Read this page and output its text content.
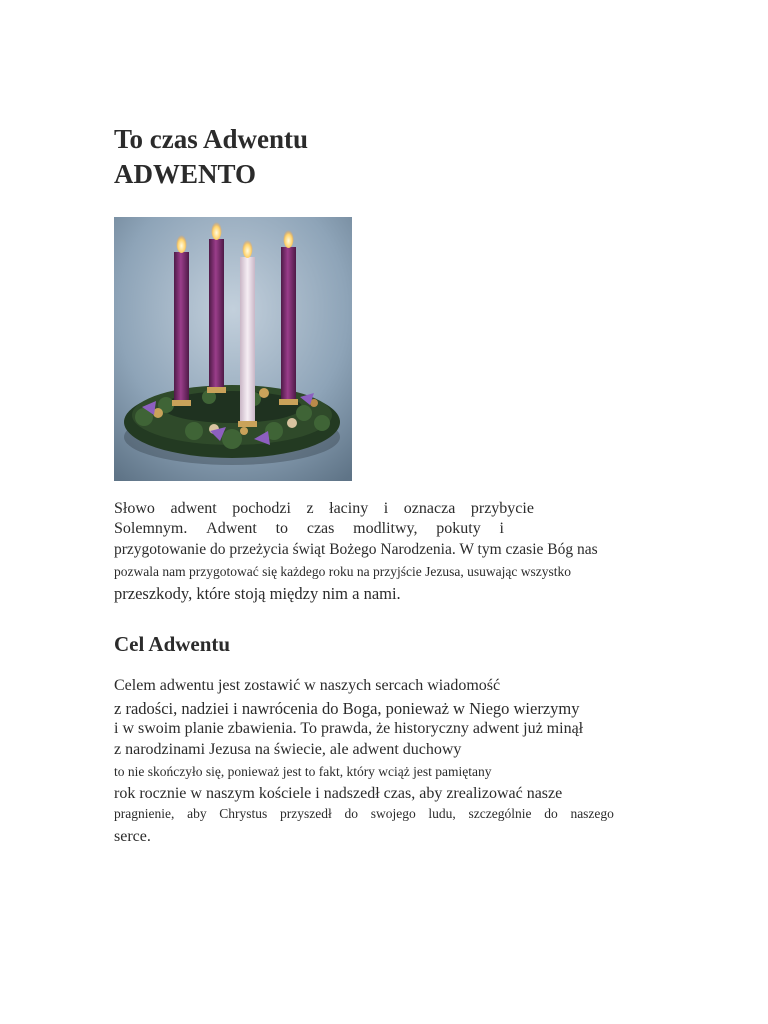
To czas Adwentu
ADWENTO
Słowo adwent pochodzi z łaciny i oznacza przybycie
Solemnym. Adwent to czas modlitwy, pokuty i
przygotowanie do przeżycia świąt Bożego Narodzenia. W tym czasie Bóg nas
pozwala nam przygotować się każdego roku na przyjście Jezusa, usuwając wszystko
przeszkody, które stoją między nim a nami.
Cel Adwentu
Celem adwentu jest zostawić w naszych sercach wiadomość
z radości, nadziei i nawrócenia do Boga, ponieważ w Niego wierzymy
i w swoim planie zbawienia. To prawda, że historyczny adwent już minął
z narodzinami Jezusa na świecie, ale adwent duchowy
to nie skończyło się, ponieważ jest to fakt, który wciąż jest pamiętany
rok rocznie w naszym kościele i nadszedł czas, aby zrealizować nasze
pragnienie, aby Chrystus przyszedł do swojego ludu, szczególnie do naszego
serce.
